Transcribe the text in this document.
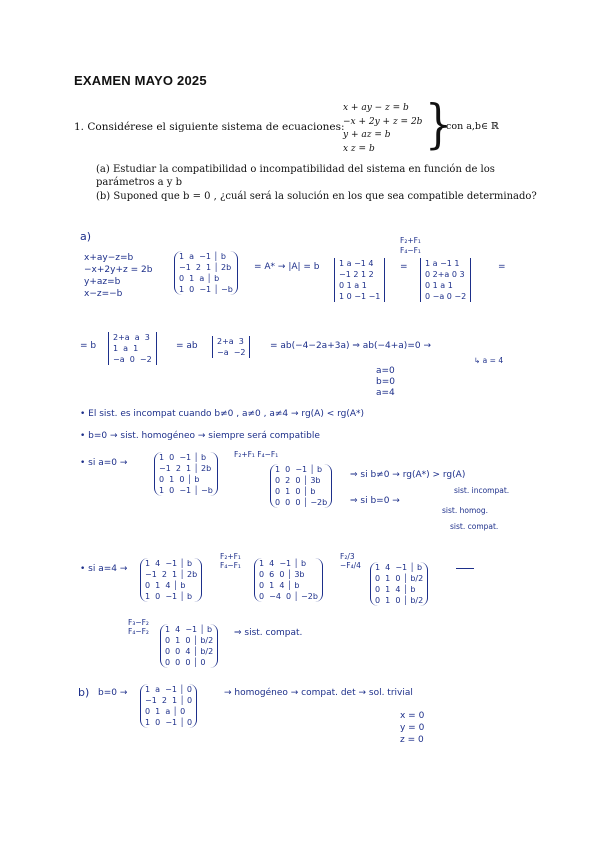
EXAMEN MAYO 2025
1. Considérese el siguiente sistema de ecuaciones:
x + ay − z = b
−x + 2y + z = 2b
y + az = b
x z = b	}
, con a,b∈ ℝ
(a) Estudiar la compatibilidad o incompatibilidad del sistema en función de los parámetros a y b
(b) Suponed que b = 0 , ¿cuál será la solución en los que sea compatible determinado?
a)
x+ay−z=b
−x+2y+z = 2b
y+az=b
x−z=−b
1  a  −1 │ b
−1  2  1 │ 2b
0  1  a │ b
1  0  −1 │ −b
= A* → |A| = b	1 a −1 4
−1 2 1 2
0 1 a 1
1 0 −1 −1
F₂+F₁
F₄−F₁
=	1 a −1 1
0 2+a 0 3
0 1 a 1
0 −a 0 −2
=
= b
2+a  a  3
1  a  1
−a  0  −2
= ab	2+a  3
−a  −2
= ab(−4−2a+3a) ⇒ ab(−4+a)=0 →
↳ a = 4
a=0
b=0
a=4
• El sist. es incompat cuando b≠0 , a≠0 , a≠4 → rg(A) < rg(A*)
• b=0 → sist. homogéneo → siempre será compatible
• si a=0 →
1  0  −1 │ b
−1  2  1 │ 2b
0  1  0 │ b
1  0  −1 │ −b
F₂+F₁ F₄−F₁
1  0  −1 │ b
0  2  0 │ 3b
0  1  0 │ b
0  0  0 │ −2b
⇒ si b≠0 → rg(A*) > rg(A)
sist. incompat.
⇒ si b=0 →
sist. homog.
sist. compat.
• si a=4 →
1  4  −1 │ b
−1  2  1 │ 2b
0  1  4 │ b
1  0  −1 │ b
F₂+F₁ F₄−F₁	1  4  −1 │ b
0  6  0 │ 3b
0  1  4 │ b
0  −4  0 │ −2b
F₂/3 −F₄/4	1  4  −1 │ b
0  1  0 │ b/2
0  1  4 │ b
0  1  0 │ b/2
F₃−F₂ F₄−F₂	1  4  −1 │ b
0  1  0 │ b/2
0  0  4 │ b/2
0  0  0 │ 0
⇒ sist. compat.
b) b=0 →	1  a  −1 │ 0
−1  2  1 │ 0
0  1  a │ 0
1  0  −1 │ 0
→ homogéneo → compat. det → sol. trivial
x = 0
y = 0
z = 0
